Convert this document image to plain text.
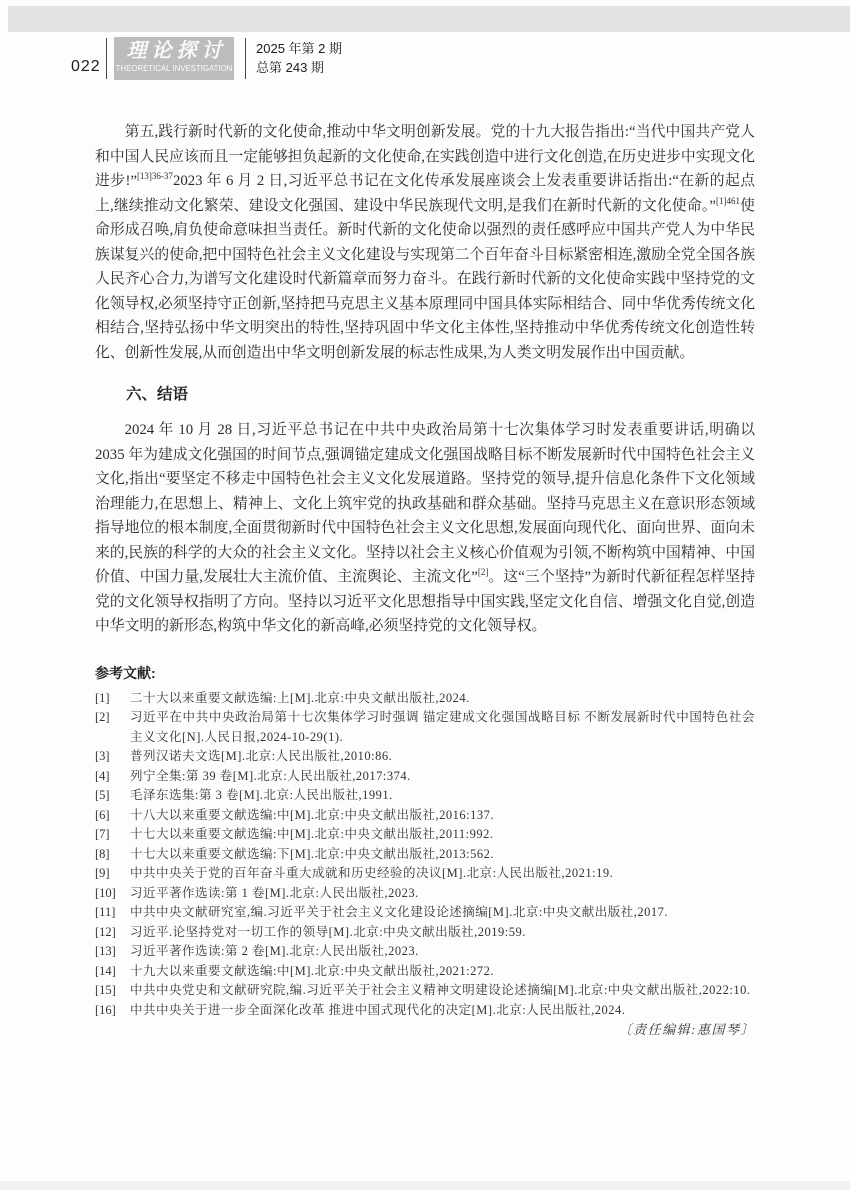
022
理论探讨
THEORETICAL INVESTIGATION
2025 年第 2 期
总第 243 期

第五,践行新时代新的文化使命,推动中华文明创新发展。党的十九大报告指出:“当代中国共产党人和中国人民应该而且一定能够担负起新的文化使命,在实践创造中进行文化创造,在历史进步中实现文化进步!”$^{[13]36-37}$2023 年 6 月 2 日,习近平总书记在文化传承发展座谈会上发表重要讲话指出:“在新的起点上,继续推动文化繁荣、建设文化强国、建设中华民族现代文明,是我们在新时代新的文化使命。”$^{[1]461}$使命形成召唤,肩负使命意味担当责任。新时代新的文化使命以强烈的责任感呼应中国共产党人为中华民族谋复兴的使命,把中国特色社会主义文化建设与实现第二个百年奋斗目标紧密相连,激励全党全国各族人民齐心合力,为谱写文化建设时代新篇章而努力奋斗。在践行新时代新的文化使命实践中坚持党的文化领导权,必须坚持守正创新,坚持把马克思主义基本原理同中国具体实际相结合、同中华优秀传统文化相结合,坚持弘扬中华文明突出的特性,坚持巩固中华文化主体性,坚持推动中华优秀传统文化创造性转化、创新性发展,从而创造出中华文明创新发展的标志性成果,为人类文明发展作出中国贡献。

六、结语

2024 年 10 月 28 日,习近平总书记在中共中央政治局第十七次集体学习时发表重要讲话,明确以 2035 年为建成文化强国的时间节点,强调锚定建成文化强国战略目标不断发展新时代中国特色社会主义文化,指出“要坚定不移走中国特色社会主义文化发展道路。坚持党的领导,提升信息化条件下文化领域治理能力,在思想上、精神上、文化上筑牢党的执政基础和群众基础。坚持马克思主义在意识形态领域指导地位的根本制度,全面贯彻新时代中国特色社会主义文化思想,发展面向现代化、面向世界、面向未来的,民族的科学的大众的社会主义文化。坚持以社会主义核心价值观为引领,不断构筑中国精神、中国价值、中国力量,发展壮大主流价值、主流舆论、主流文化”[2]。这“三个坚持”为新时代新征程怎样坚持党的文化领导权指明了方向。坚持以习近平文化思想指导中国实践,坚定文化自信、增强文化自觉,创造中华文明的新形态,构筑中华文化的新高峰,必须坚持党的文化领导权。

参考文献:
[1] 二十大以来重要文献选编:上[M].北京:中央文献出版社,2024.
[2] 习近平在中共中央政治局第十七次集体学习时强调 锚定建成文化强国战略目标 不断发展新时代中国特色社会主义文化[N].人民日报,2024-10-29(1).
[3] 普列汉诺夫文选[M].北京:人民出版社,2010:86.
[4] 列宁全集:第 39 卷[M].北京:人民出版社,2017:374.
[5] 毛泽东选集:第 3 卷[M].北京:人民出版社,1991.
[6] 十八大以来重要文献选编:中[M].北京:中央文献出版社,2016:137.
[7] 十七大以来重要文献选编:中[M].北京:中央文献出版社,2011:992.
[8] 十七大以来重要文献选编:下[M].北京:中央文献出版社,2013:562.
[9] 中共中央关于党的百年奋斗重大成就和历史经验的决议[M].北京:人民出版社,2021:19.
[10] 习近平著作选读:第 1 卷[M].北京:人民出版社,2023.
[11] 中共中央文献研究室,编.习近平关于社会主义文化建设论述摘编[M].北京:中央文献出版社,2017.
[12] 习近平.论坚持党对一切工作的领导[M].北京:中央文献出版社,2019:59.
[13] 习近平著作选读:第 2 卷[M].北京:人民出版社,2023.
[14] 十九大以来重要文献选编:中[M].北京:中央文献出版社,2021:272.
[15] 中共中央党史和文献研究院,编.习近平关于社会主义精神文明建设论述摘编[M].北京:中央文献出版社,2022:10.
[16] 中共中央关于进一步全面深化改革 推进中国式现代化的决定[M].北京:人民出版社,2024.
〔责任编辑:惠国琴〕
